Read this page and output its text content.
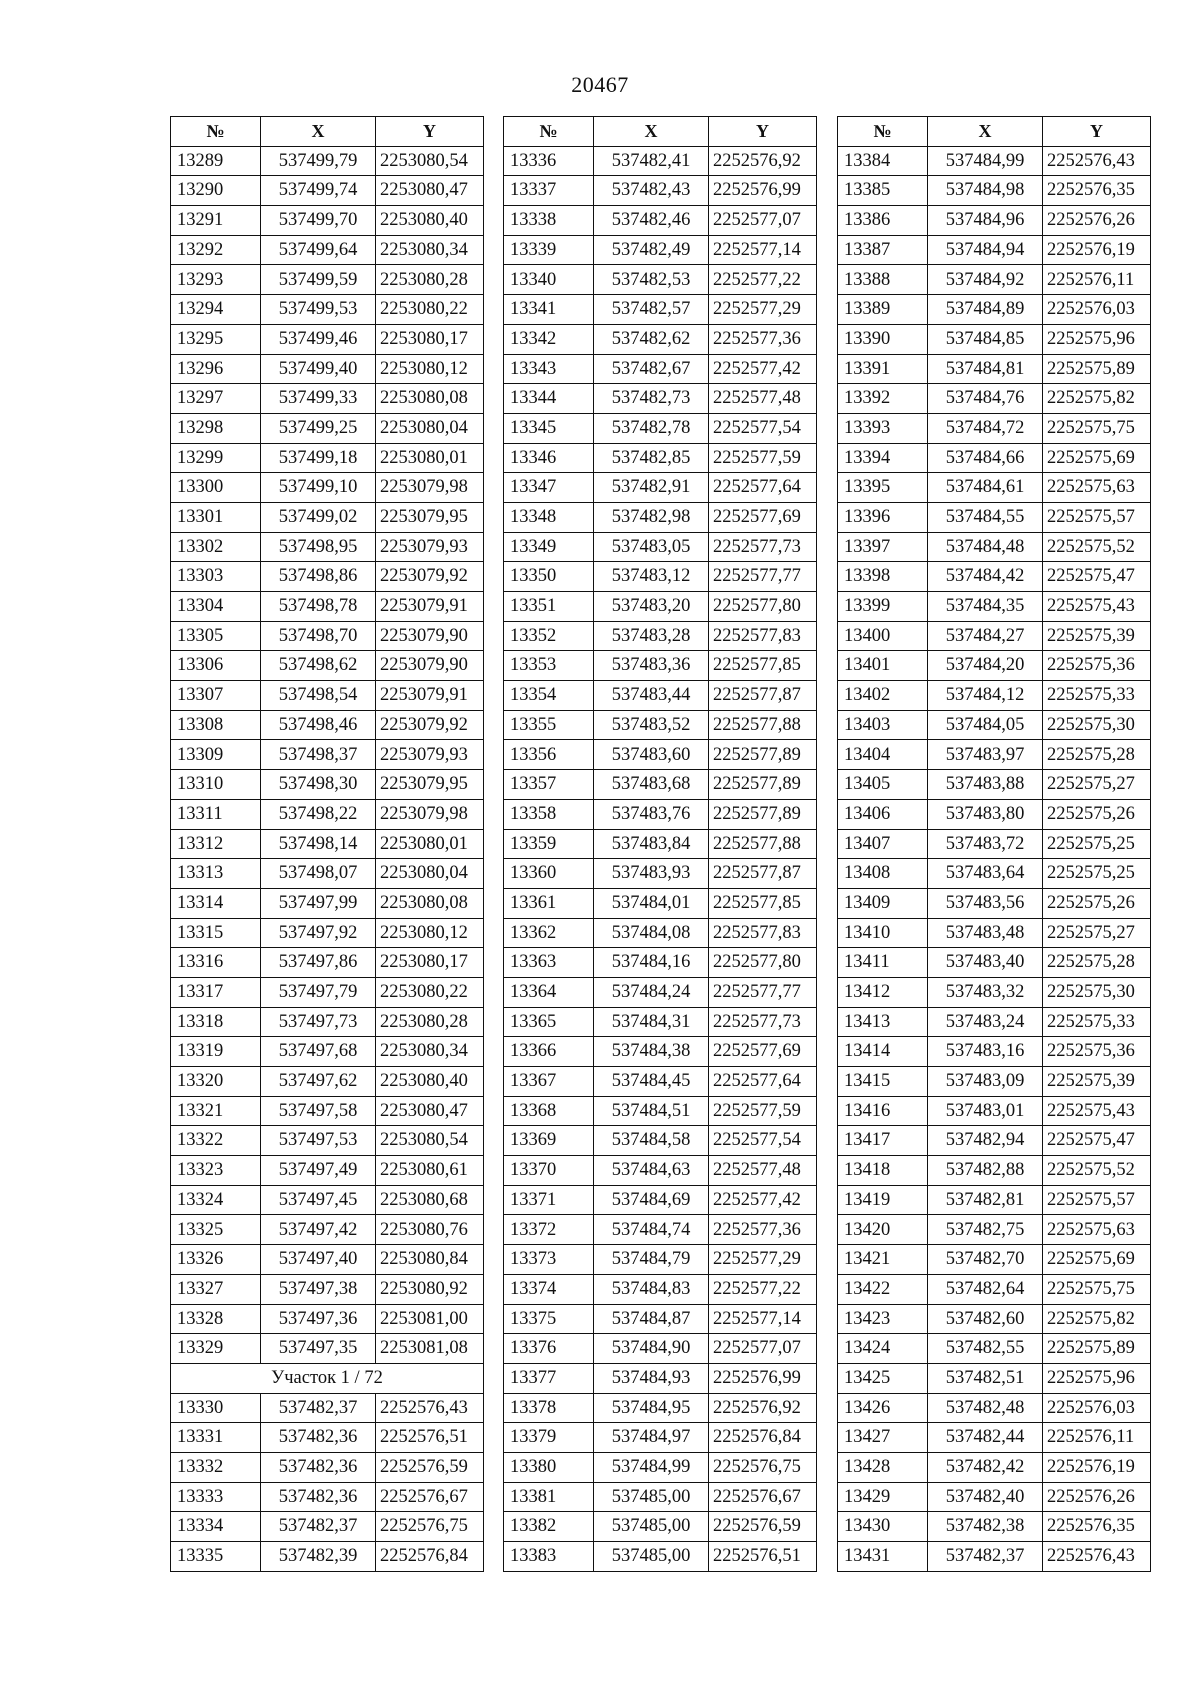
20467
№	X	Y
13289	537499,79	2253080,54
13290	537499,74	2253080,47
13291	537499,70	2253080,40
13292	537499,64	2253080,34
13293	537499,59	2253080,28
13294	537499,53	2253080,22
13295	537499,46	2253080,17
13296	537499,40	2253080,12
13297	537499,33	2253080,08
13298	537499,25	2253080,04
13299	537499,18	2253080,01
13300	537499,10	2253079,98
13301	537499,02	2253079,95
13302	537498,95	2253079,93
13303	537498,86	2253079,92
13304	537498,78	2253079,91
13305	537498,70	2253079,90
13306	537498,62	2253079,90
13307	537498,54	2253079,91
13308	537498,46	2253079,92
13309	537498,37	2253079,93
13310	537498,30	2253079,95
13311	537498,22	2253079,98
13312	537498,14	2253080,01
13313	537498,07	2253080,04
13314	537497,99	2253080,08
13315	537497,92	2253080,12
13316	537497,86	2253080,17
13317	537497,79	2253080,22
13318	537497,73	2253080,28
13319	537497,68	2253080,34
13320	537497,62	2253080,40
13321	537497,58	2253080,47
13322	537497,53	2253080,54
13323	537497,49	2253080,61
13324	537497,45	2253080,68
13325	537497,42	2253080,76
13326	537497,40	2253080,84
13327	537497,38	2253080,92
13328	537497,36	2253081,00
13329	537497,35	2253081,08
Участок 1 / 72		
13330	537482,37	2252576,43
13331	537482,36	2252576,51
13332	537482,36	2252576,59
13333	537482,36	2252576,67
13334	537482,37	2252576,75
13335	537482,39	2252576,84
№	X	Y
13336	537482,41	2252576,92
13337	537482,43	2252576,99
13338	537482,46	2252577,07
13339	537482,49	2252577,14
13340	537482,53	2252577,22
13341	537482,57	2252577,29
13342	537482,62	2252577,36
13343	537482,67	2252577,42
13344	537482,73	2252577,48
13345	537482,78	2252577,54
13346	537482,85	2252577,59
13347	537482,91	2252577,64
13348	537482,98	2252577,69
13349	537483,05	2252577,73
13350	537483,12	2252577,77
13351	537483,20	2252577,80
13352	537483,28	2252577,83
13353	537483,36	2252577,85
13354	537483,44	2252577,87
13355	537483,52	2252577,88
13356	537483,60	2252577,89
13357	537483,68	2252577,89
13358	537483,76	2252577,89
13359	537483,84	2252577,88
13360	537483,93	2252577,87
13361	537484,01	2252577,85
13362	537484,08	2252577,83
13363	537484,16	2252577,80
13364	537484,24	2252577,77
13365	537484,31	2252577,73
13366	537484,38	2252577,69
13367	537484,45	2252577,64
13368	537484,51	2252577,59
13369	537484,58	2252577,54
13370	537484,63	2252577,48
13371	537484,69	2252577,42
13372	537484,74	2252577,36
13373	537484,79	2252577,29
13374	537484,83	2252577,22
13375	537484,87	2252577,14
13376	537484,90	2252577,07
13377	537484,93	2252576,99
13378	537484,95	2252576,92
13379	537484,97	2252576,84
13380	537484,99	2252576,75
13381	537485,00	2252576,67
13382	537485,00	2252576,59
13383	537485,00	2252576,51
№	X	Y
13384	537484,99	2252576,43
13385	537484,98	2252576,35
13386	537484,96	2252576,26
13387	537484,94	2252576,19
13388	537484,92	2252576,11
13389	537484,89	2252576,03
13390	537484,85	2252575,96
13391	537484,81	2252575,89
13392	537484,76	2252575,82
13393	537484,72	2252575,75
13394	537484,66	2252575,69
13395	537484,61	2252575,63
13396	537484,55	2252575,57
13397	537484,48	2252575,52
13398	537484,42	2252575,47
13399	537484,35	2252575,43
13400	537484,27	2252575,39
13401	537484,20	2252575,36
13402	537484,12	2252575,33
13403	537484,05	2252575,30
13404	537483,97	2252575,28
13405	537483,88	2252575,27
13406	537483,80	2252575,26
13407	537483,72	2252575,25
13408	537483,64	2252575,25
13409	537483,56	2252575,26
13410	537483,48	2252575,27
13411	537483,40	2252575,28
13412	537483,32	2252575,30
13413	537483,24	2252575,33
13414	537483,16	2252575,36
13415	537483,09	2252575,39
13416	537483,01	2252575,43
13417	537482,94	2252575,47
13418	537482,88	2252575,52
13419	537482,81	2252575,57
13420	537482,75	2252575,63
13421	537482,70	2252575,69
13422	537482,64	2252575,75
13423	537482,60	2252575,82
13424	537482,55	2252575,89
13425	537482,51	2252575,96
13426	537482,48	2252576,03
13427	537482,44	2252576,11
13428	537482,42	2252576,19
13429	537482,40	2252576,26
13430	537482,38	2252576,35
13431	537482,37	2252576,43
